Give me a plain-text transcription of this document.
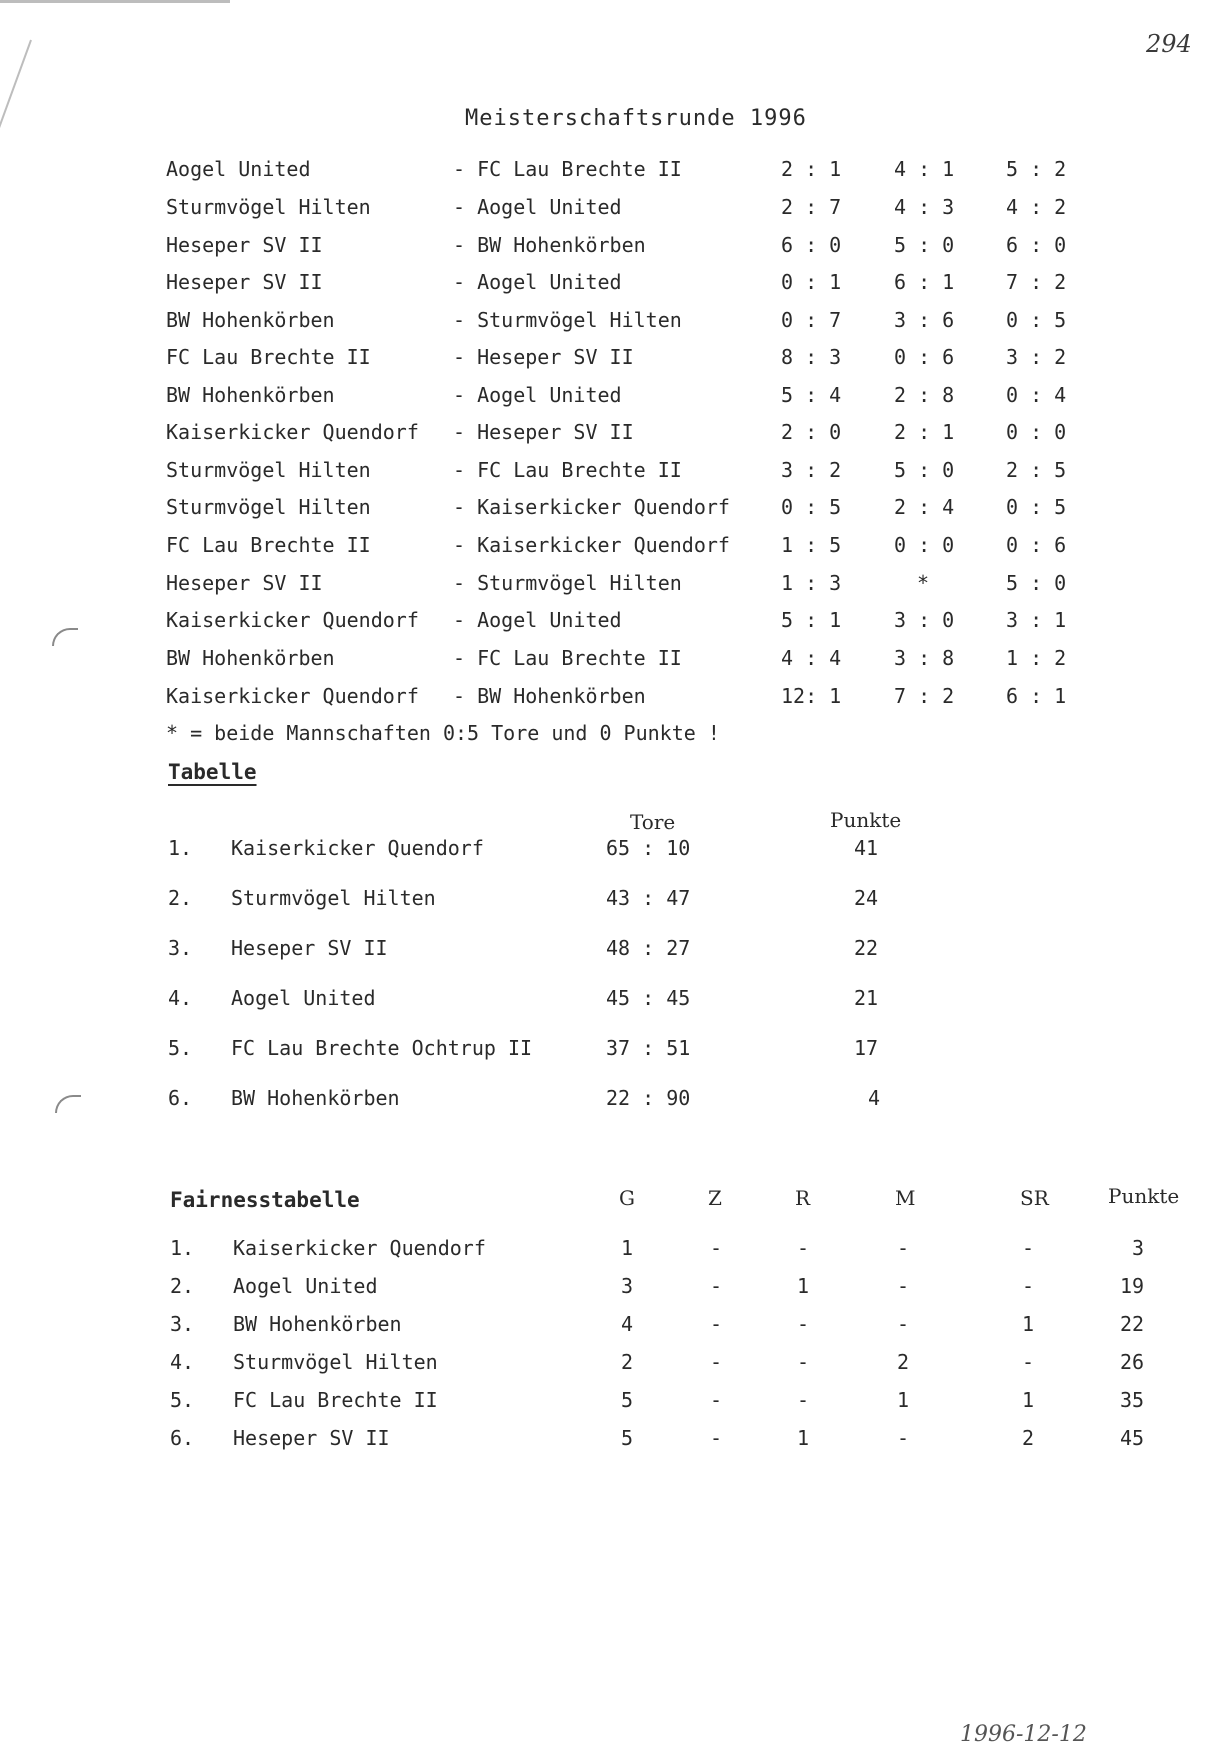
294
Meisterschaftsrunde 1996
Aogel United	- FC Lau Brechte II	2 : 1	4 : 1	5 : 2
Sturmvögel Hilten	- Aogel United	2 : 7	4 : 3	4 : 2
Heseper SV II	- BW Hohenkörben	6 : 0	5 : 0	6 : 0
Heseper SV II	- Aogel United	0 : 1	6 : 1	7 : 2
BW Hohenkörben	- Sturmvögel Hilten	0 : 7	3 : 6	0 : 5
FC Lau Brechte II	- Heseper SV II	8 : 3	0 : 6	3 : 2
BW Hohenkörben	- Aogel United	5 : 4	2 : 8	0 : 4
Kaiserkicker Quendorf - Heseper SV II	2 : 0	2 : 1	0 : 0
Sturmvögel Hilten	- FC Lau Brechte II	3 : 2	5 : 0	2 : 5
Sturmvögel Hilten	- Kaiserkicker Quendorf	0 : 5	2 : 4	0 : 5
FC Lau Brechte II	- Kaiserkicker Quendorf	1 : 5	0 : 0	0 : 6
Heseper SV II	- Sturmvögel Hilten	1 : 3	*	5 : 0
Kaiserkicker Quendorf - Aogel United	5 : 1	3 : 0	3 : 1
BW Hohenkörben	- FC Lau Brechte II	4 : 4	3 : 8	1 : 2
Kaiserkicker Quendorf - BW Hohenkörben	12: 1	7 : 2	6 : 1
* = beide Mannschaften 0:5 Tore und 0 Punkte !
Tabelle
Tore	Punkte
1. Kaiserkicker Quendorf	65 : 10	41
2. Sturmvögel Hilten	43 : 47	24
3. Heseper SV II	48 : 27	22
4. Aogel United	45 : 45	21
5. FC Lau Brechte Ochtrup II	37 : 51	17
6. BW Hohenkörben	22 : 90	4
Fairnesstabelle	G	Z	R	M	SR	Punkte
1. Kaiserkicker Quendorf	1	-	-	-	-	3
2. Aogel United	3	-	1	-	-	19
3. BW Hohenkörben	4	-	-	-	1	22
4. Sturmvögel Hilten	2	-	-	2	-	26
5. FC Lau Brechte II	5	-	-	1	1	35
6. Heseper SV II	5	-	1	-	2	45
1996-12-12
